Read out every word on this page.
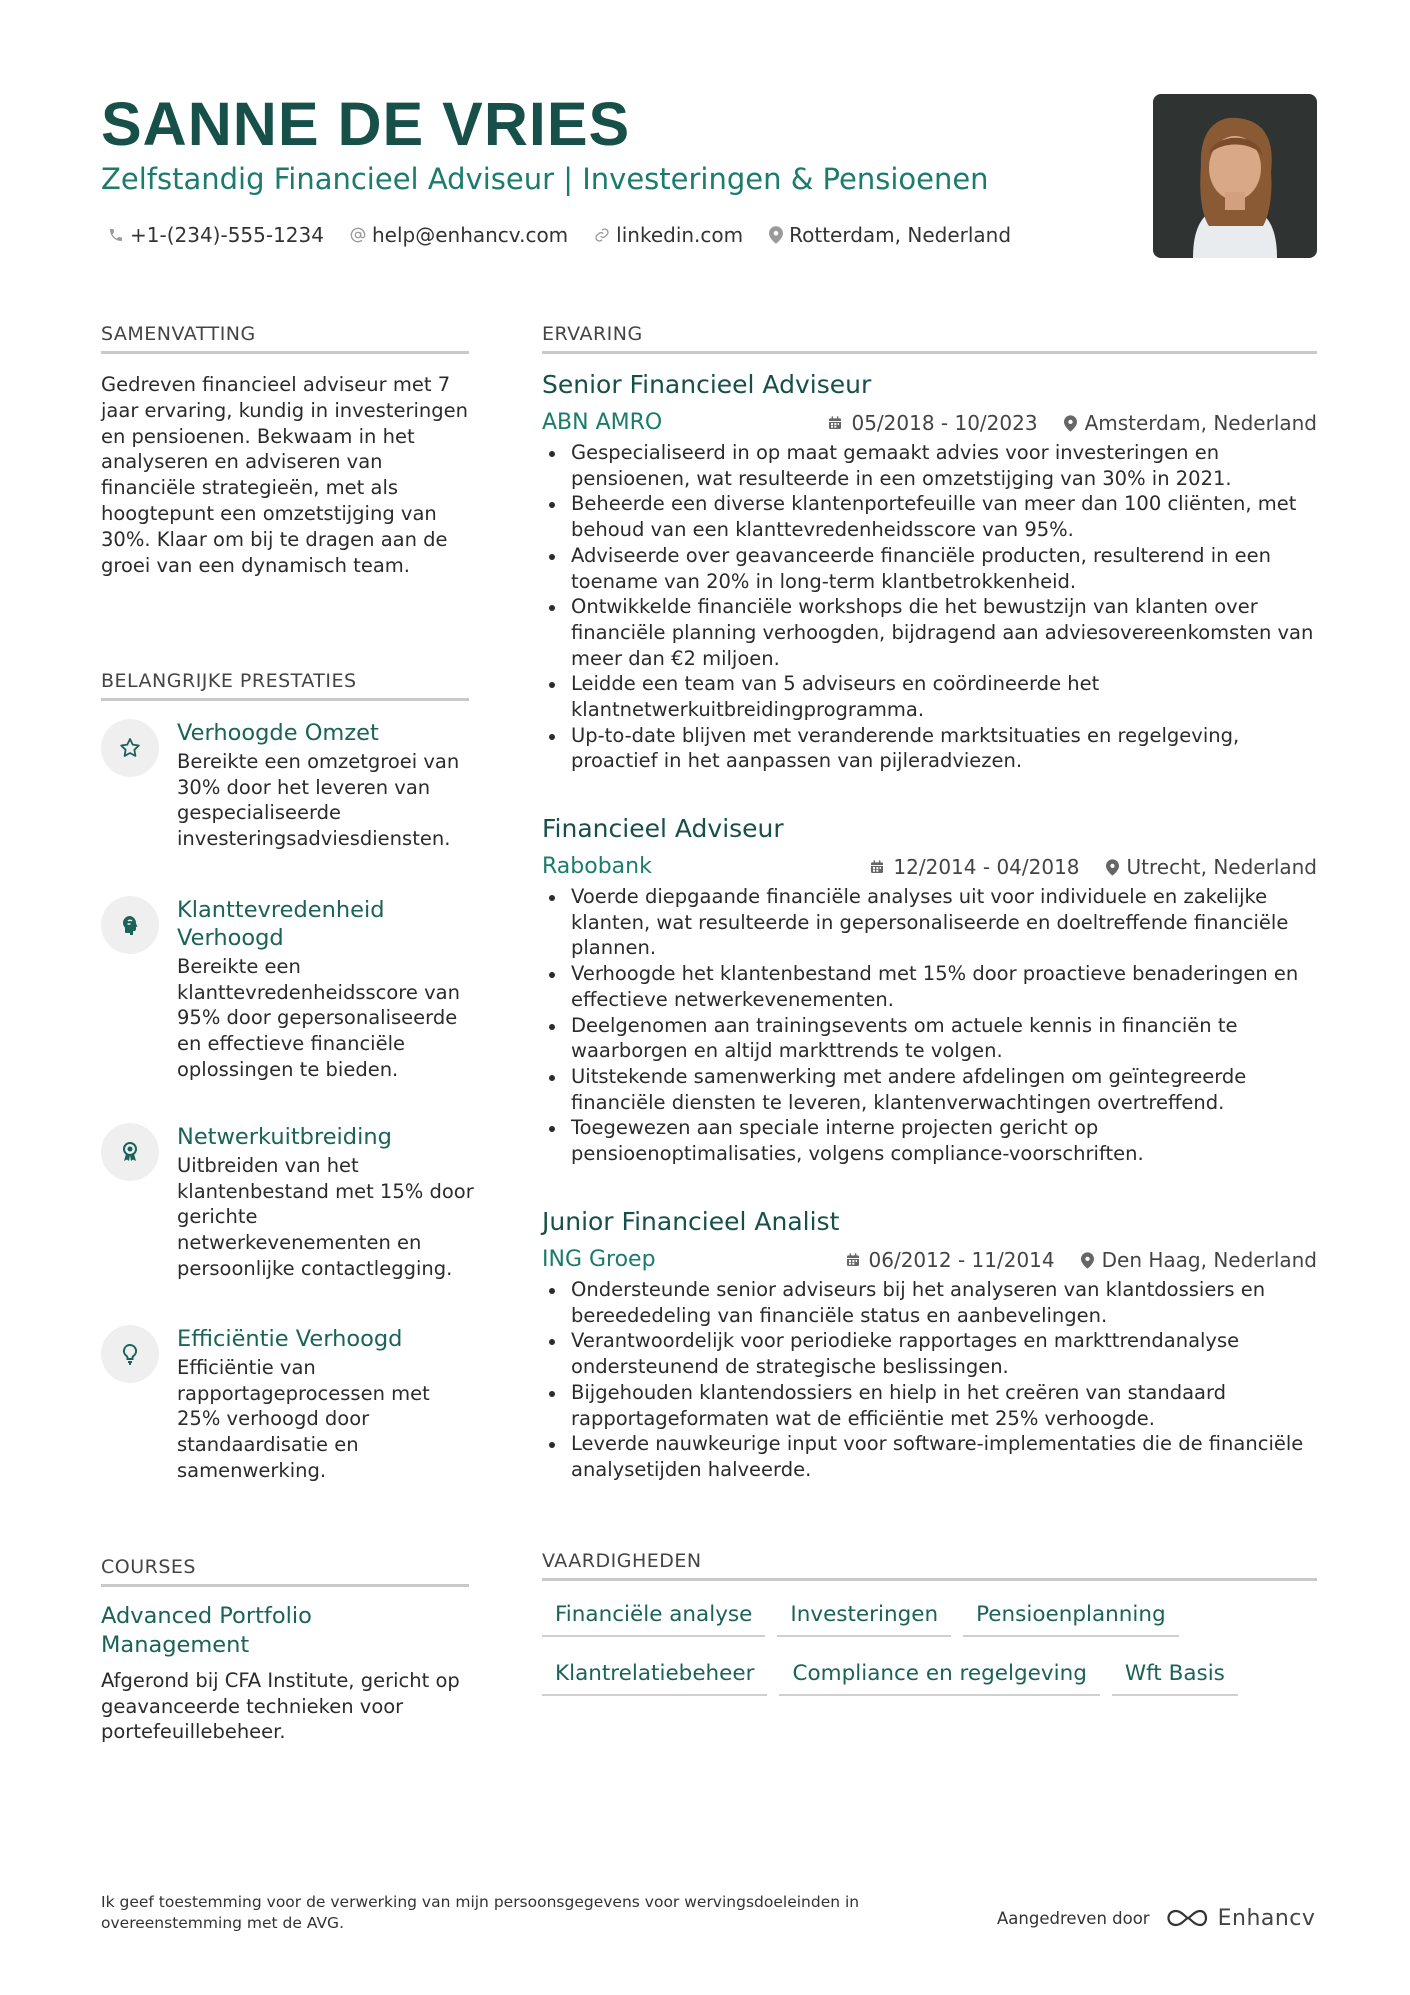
SANNE DE VRIES

Zelfstandig Financieel Adviseur | Investeringen & Pensioenen

+1-(234)-555-1234 help@enhancv.com linkedin.com Rotterdam, Nederland
SAMENVATTING

Gedreven financieel adviseur met 7 jaar ervaring, kundig in investeringen en pensioenen. Bekwaam in het analyseren en adviseren van financiële strategieën, met als hoogtepunt een omzetstijging van 30%. Klaar om bij te dragen aan de groei van een dynamisch team.

BELANGRIJKE PRESTATIES

Verhoogde Omzet

Bereikte een omzetgroei van 30% door het leveren van gespecialiseerde investeringsadviesdiensten.

Klanttevredenheid Verhoogd

Bereikte een klanttevredenheidsscore van 95% door gepersonaliseerde en effectieve financiële oplossingen te bieden.

Netwerkuitbreiding

Uitbreiden van het klantenbestand met 15% door gerichte netwerkevenementen en persoonlijke contactlegging.

Efficiëntie Verhoogd

Efficiëntie van rapportageprocessen met 25% verhoogd door standaardisatie en samenwerking.

COURSES

Advanced Portfolio Management

Afgerond bij CFA Institute, gericht op geavanceerde technieken voor portefeuillebeheer.

ERVARING

Senior Financieel Adviseur

ABN AMRO	05/2018 - 10/2023 Amsterdam, Nederland
Gespecialiseerd in op maat gemaakt advies voor investeringen en pensioenen, wat resulteerde in een omzetstijging van 30% in 2021.
Beheerde een diverse klantenportefeuille van meer dan 100 cliënten, met behoud van een klanttevredenheidsscore van 95%.
Adviseerde over geavanceerde financiële producten, resulterend in een toename van 20% in long-term klantbetrokkenheid.
Ontwikkelde financiële workshops die het bewustzijn van klanten over financiële planning verhoogden, bijdragend aan adviesovereenkomsten van meer dan €2 miljoen.
Leidde een team van 5 adviseurs en coördineerde het klantnetwerkuitbreidingprogramma.
Up-to-date blijven met veranderende marktsituaties en regelgeving, proactief in het aanpassen van pijleradviezen.

Financieel Adviseur

Rabobank	12/2014 - 04/2018 Utrecht, Nederland
Voerde diepgaande financiële analyses uit voor individuele en zakelijke klanten, wat resulteerde in gepersonaliseerde en doeltreffende financiële plannen.
Verhoogde het klantenbestand met 15% door proactieve benaderingen en effectieve netwerkevenementen.
Deelgenomen aan trainingsevents om actuele kennis in financiën te waarborgen en altijd markttrends te volgen.
Uitstekende samenwerking met andere afdelingen om geïntegreerde financiële diensten te leveren, klantenverwachtingen overtreffend.
Toegewezen aan speciale interne projecten gericht op pensioenoptimalisaties, volgens compliance-voorschriften.

Junior Financieel Analist

ING Groep	06/2012 - 11/2014 Den Haag, Nederland
Ondersteunde senior adviseurs bij het analyseren van klantdossiers en bereededeling van financiële status en aanbevelingen.
Verantwoordelijk voor periodieke rapportages en markttrendanalyse ondersteunend de strategische beslissingen.
Bijgehouden klantendossiers en hielp in het creëren van standaard rapportageformaten wat de efficiëntie met 25% verhoogde.
Leverde nauwkeurige input voor software-implementaties die de financiële analysetijden halveerde.
VAARDIGHEDEN
Financiële analyse	Investeringen	Pensioenplanning
Klantrelatiebeheer	Compliance en regelgeving	Wft Basis

Ik geef toestemming voor de verwerking van mijn persoonsgegevens voor wervingsdoeleinden in overeenstemming met de AVG.	Aangedreven door	Enhancv
